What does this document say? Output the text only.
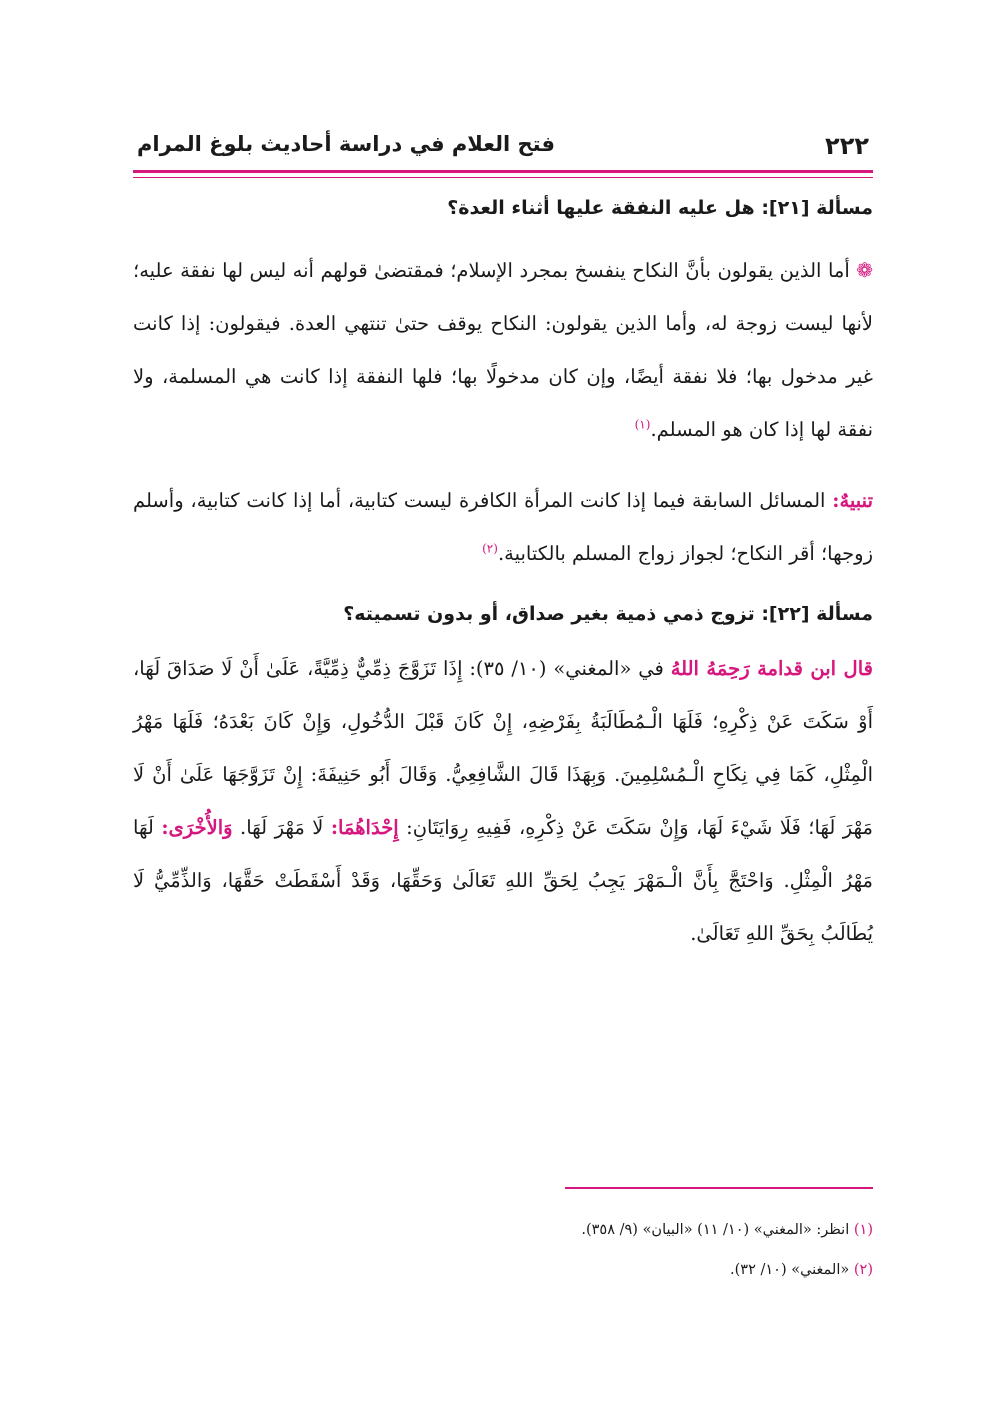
٢٢٢
فتح العلام في دراسة أحاديث بلوغ المرام
مسألة [٢١]: هل عليه النفقة عليها أثناء العدة؟

❁ أما الذين يقولون بأنَّ النكاح ينفسخ بمجرد الإسلام؛ فمقتضىٰ قولهم أنه ليس لها نفقة عليه؛ لأنها ليست زوجة له، وأما الذين يقولون: النكاح يوقف حتىٰ تنتهي العدة. فيقولون: إذا كانت غير مدخول بها؛ فلا نفقة أيضًا، وإن كان مدخولًا بها؛ فلها النفقة إذا كانت هي المسلمة، ولا نفقة لها إذا كان هو المسلم.$^{(١)}$

تنبيهٌ: المسائل السابقة فيما إذا كانت المرأة الكافرة ليست كتابية، أما إذا كانت كتابية، وأسلم زوجها؛ أقر النكاح؛ لجواز زواج المسلم بالكتابية.$^{(٢)}$

مسألة [٢٢]: تزوج ذمي ذمية بغير صداق، أو بدون تسميته؟

قال ابن قدامة رَحِمَهُ اللهُ في «المغني» (١٠/ ٣٥): إِذَا تَزَوَّجَ ذِمِّيٌّ ذِمِّيَّةً، عَلَىٰ أَنْ لَا صَدَاقَ لَهَا، أَوْ سَكَتَ عَنْ ذِكْرِهِ؛ فَلَهَا الْـمُطَالَبَةُ بِفَرْضِهِ، إِنْ كَانَ قَبْلَ الدُّخُولِ، وَإِنْ كَانَ بَعْدَهُ؛ فَلَهَا مَهْرُ الْمِثْلِ، كَمَا فِي نِكَاحِ الْـمُسْلِمِينَ. وَبِهَذَا قَالَ الشَّافِعِيُّ. وَقَالَ أَبُو حَنِيفَةَ: إِنْ تَزَوَّجَهَا عَلَىٰ أَنْ لَا مَهْرَ لَهَا؛ فَلَا شَيْءَ لَهَا، وَإِنْ سَكَتَ عَنْ ذِكْرِهِ، فَفِيهِ رِوَايَتَانِ: إِحْدَاهُمَا: لَا مَهْرَ لَهَا. وَالأُخْرَى: لَهَا مَهْرُ الْمِثْلِ. وَاحْتَجَّ بِأَنَّ الْـمَهْرَ يَجِبُ لِحَقِّ اللهِ تَعَالَىٰ وَحَقِّهَا، وَقَدْ أَسْقَطَتْ حَقَّهَا، وَالذِّمِّيُّ لَا يُطَالَبُ بِحَقِّ اللهِ تَعَالَىٰ.

(١) انظر: «المغني» (١٠/ ١١) «البيان» (٩/ ٣٥٨).

(٢) «المغني» (١٠/ ٣٢).
